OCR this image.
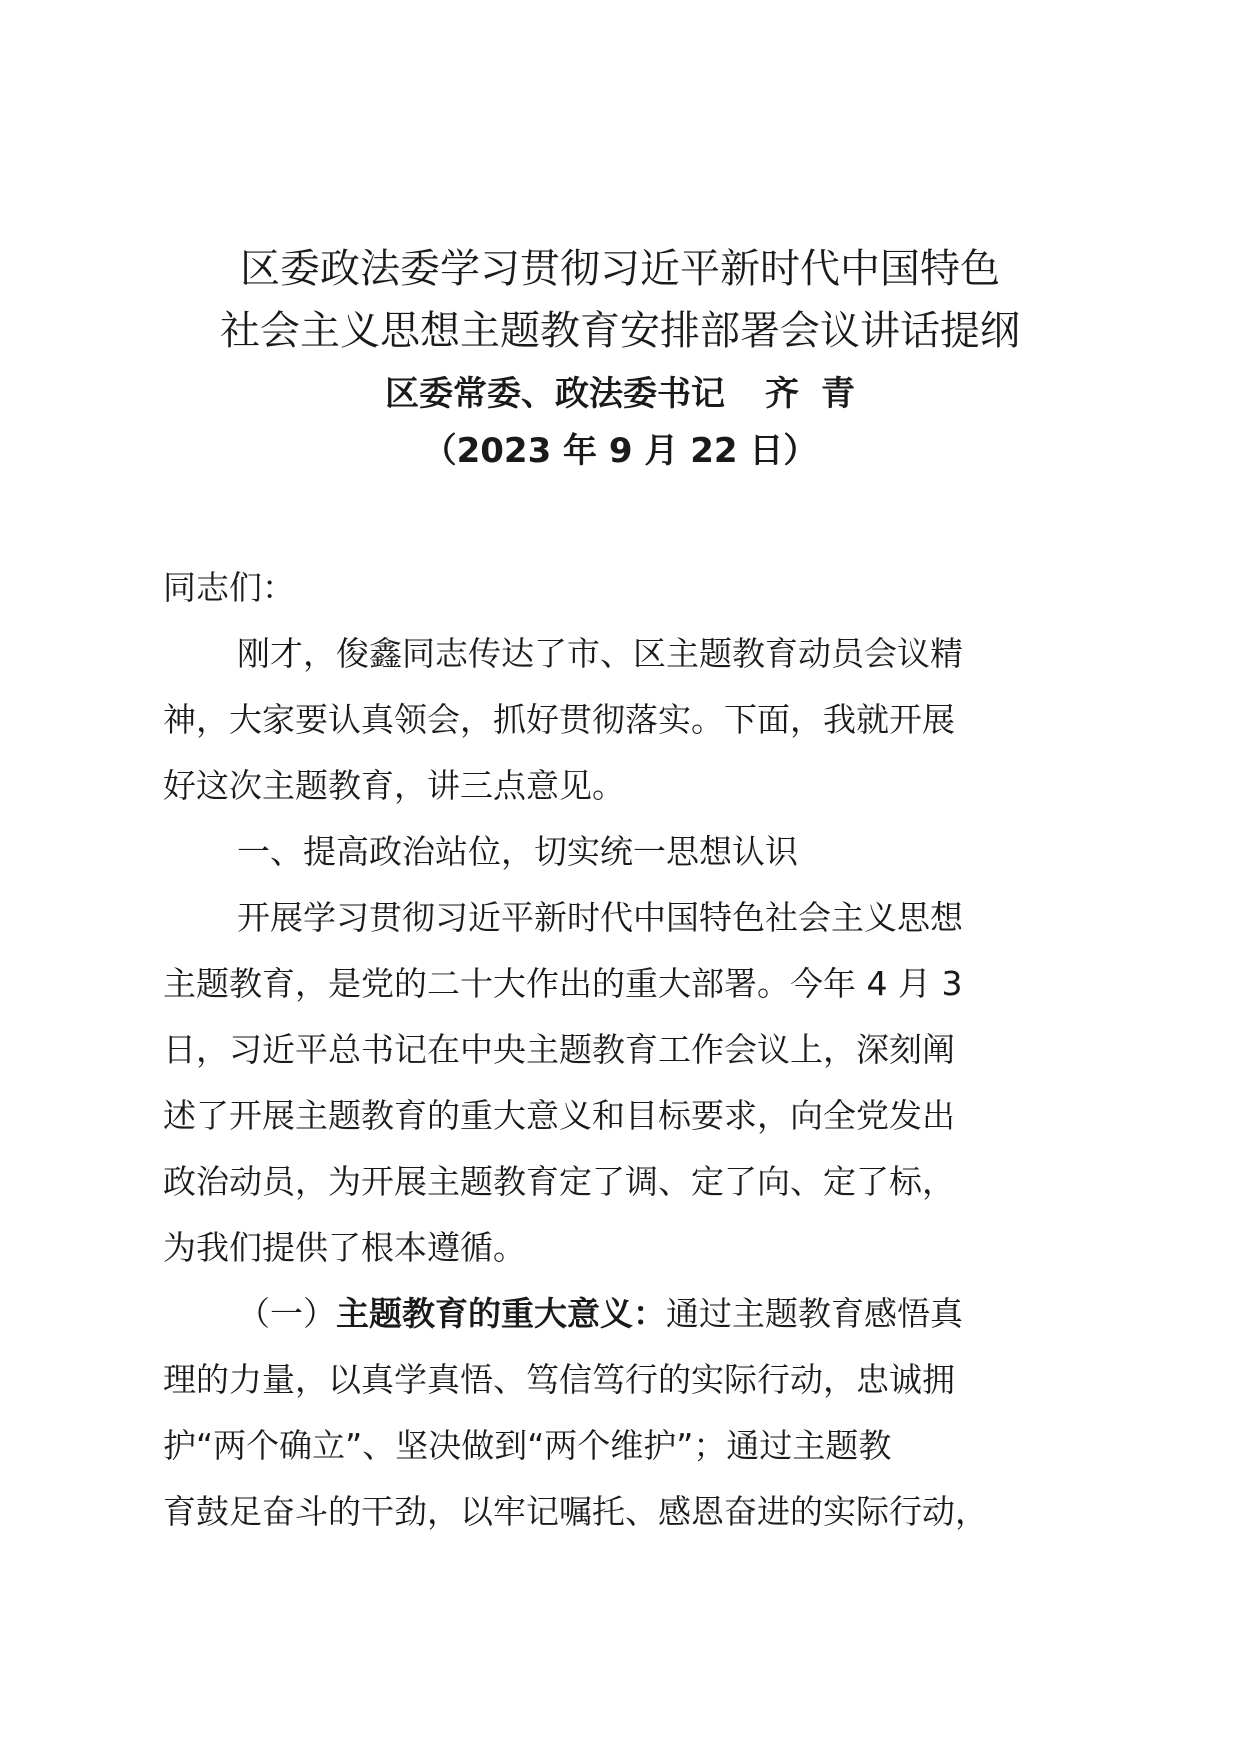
区委政法委学习贯彻习近平新时代中国特色
社会主义思想主题教育安排部署会议讲话提纲
区委常委、政法委书记 齐 青
（2023 年 9 月 22 日）
同志们：
刚才，俊鑫同志传达了市、区主题教育动员会议精
神，大家要认真领会，抓好贯彻落实。下面，我就开展
好这次主题教育，讲三点意见。
一、提高政治站位，切实统一思想认识
开展学习贯彻习近平新时代中国特色社会主义思想
主题教育，是党的二十大作出的重大部署。今年 4 月 3
日，习近平总书记在中央主题教育工作会议上，深刻阐
述了开展主题教育的重大意义和目标要求，向全党发出
政治动员，为开展主题教育定了调、定了向、定了标，
为我们提供了根本遵循。
（一）主题教育的重大意义：通过主题教育感悟真
理的力量，以真学真悟、笃信笃行的实际行动，忠诚拥
护“两个确立”、坚决做到“两个维护”；通过主题教
育鼓足奋斗的干劲，以牢记嘱托、感恩奋进的实际行动，
